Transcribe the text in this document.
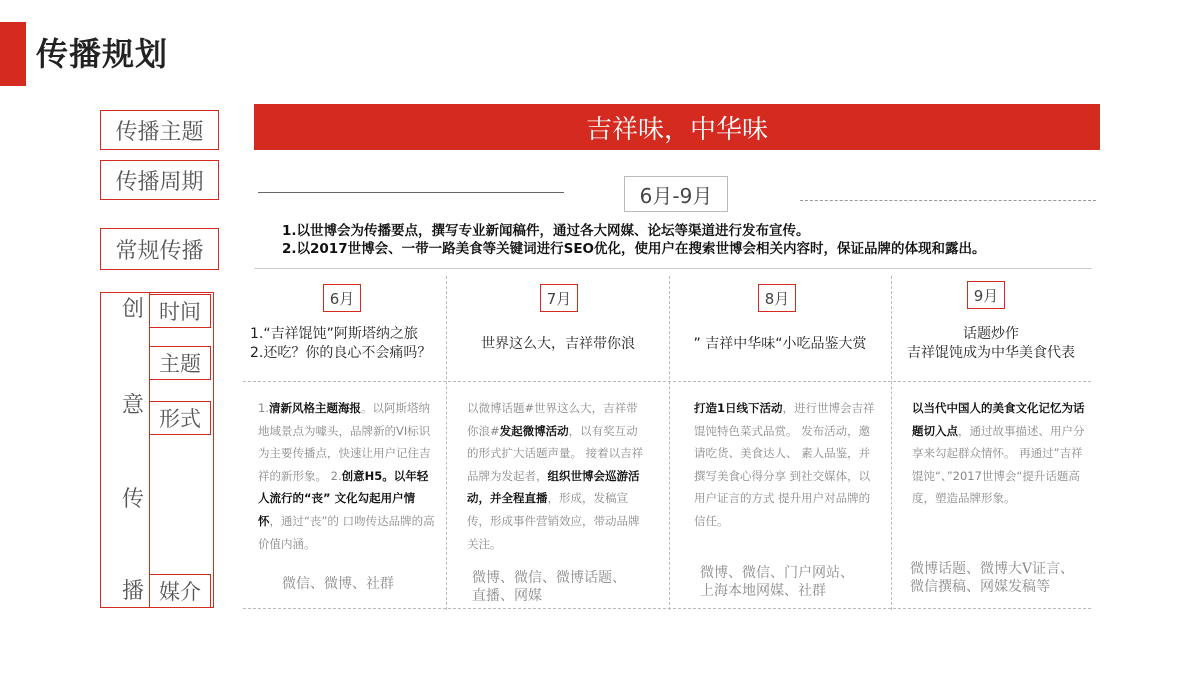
传播规划
传播主题
传播周期
常规传播
创
意
传
播
时间
主题
形式
媒介
吉祥味，中华味
6月-9月
1.以世博会为传播要点，撰写专业新闻稿件，通过各大网媒、论坛等渠道进行发布宣传。
2.以2017世博会、一带一路美食等关键词进行SEO优化，使用户在搜索世博会相关内容时，保证品牌的体现和露出。
6月
1.“吉祥馄饨”阿斯塔纳之旅
2.还吃？你的良心不会痛吗？
1.清新风格主题海报。以阿斯塔纳地域景点为噱头，品牌新的VI标识为主要传播点，快速让用户记住吉祥的新形象。 2.创意H5。以年轻人流行的“丧” 文化勾起用户情怀，通过“丧”的 口吻传达品牌的高价值内涵。
微信、微博、社群
7月
世界这么大，吉祥带你浪
以微博话题#世界这么大，吉祥带你浪#发起微博活动，以有奖互动的形式扩大话题声量。 接着以吉祥品牌为发起者，组织世博会巡游活动，并全程直播，形成，发稿宣传，形成事件营销效应，带动品牌关注。
微博、微信、微博话题、
直播、网媒
8月
” 吉祥中华味“小吃品鉴大赏
打造1日线下活动，进行世博会吉祥馄饨特色菜式品赏。 发布活动，邀请吃货、美食达人、 素人品鉴，并撰写美食心得分享 到社交媒体，以用户证言的方式 提升用户对品牌的信任。
微博、微信、门户网站、
上海本地网媒、社群
9月
话题炒作
吉祥馄饨成为中华美食代表
以当代中国人的美食文化记忆为话题切入点，通过故事描述、用户分享来勾起群众情怀。 再通过”吉祥馄饨“、”2017世博会“提升话题高度，塑造品牌形象。
微博话题、微博大V证言、
微信撰稿、网媒发稿等
